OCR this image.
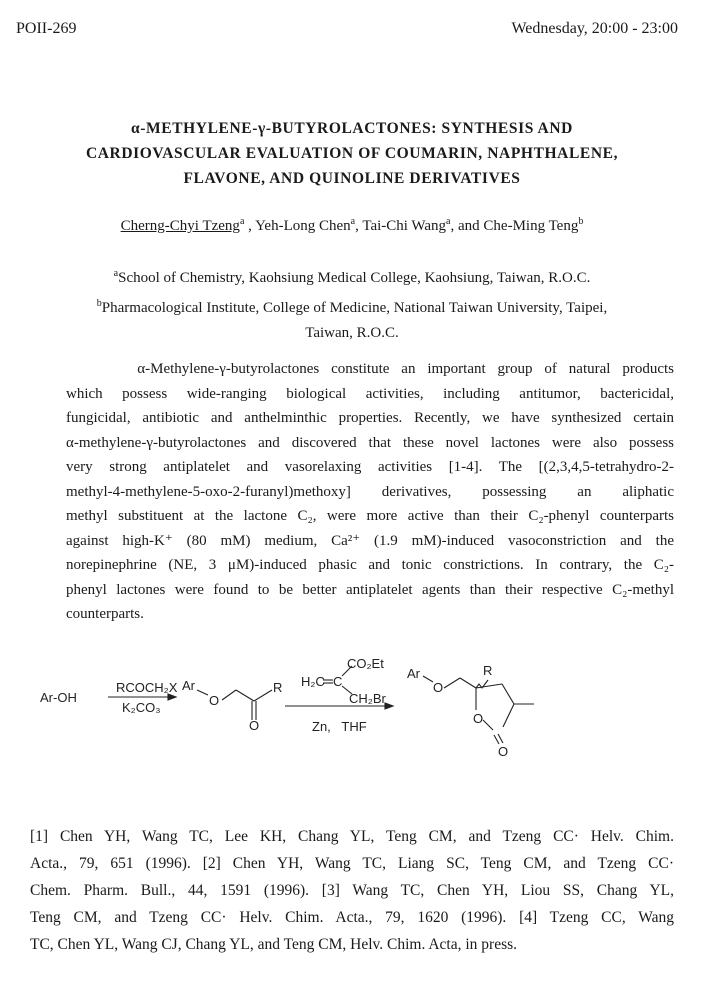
POII-269	Wednesday, 20:00 - 23:00
α-METHYLENE-γ-BUTYROLACTONES: SYNTHESIS AND
CARDIOVASCULAR EVALUATION OF COUMARIN, NAPHTHALENE,
FLAVONE, AND QUINOLINE DERIVATIVES
Cherng-Chyi Tzeng$^a$ , Yeh-Long Chen$^a$, Tai-Chi Wang$^a$, and Che-Ming Teng$^b$
$^a$School of Chemistry, Kaohsiung Medical College, Kaohsiung, Taiwan, R.O.C.
$^b$Pharmacological Institute, College of Medicine, National Taiwan University, Taipei,
Taiwan, R.O.C.
α-Methylene-γ-butyrolactones constitute an important group of natural products
which possess wide-ranging biological activities, including antitumor, bactericidal,
fungicidal, antibiotic and anthelminthic properties. Recently, we have synthesized certain
α-methylene-γ-butyrolactones and discovered that these novel lactones were also possess
very strong antiplatelet and vasorelaxing activities [1-4]. The [(2,3,4,5-tetrahydro-2-
methyl-4-methylene-5-oxo-2-furanyl)methoxy] derivatives, possessing an aliphatic
methyl substituent at the lactone C₂, were more active than their C₂-phenyl counterparts
against high-K⁺ (80 mM) medium, Ca²⁺ (1.9 mM)-induced vasoconstriction and the
norepinephrine (NE, 3 μM)-induced phasic and tonic constrictions. In contrary, the C₂-
phenyl lactones were found to be better antiplatelet agents than their respective C₂-methyl
counterparts.
Ar-OH
RCOCH₂X
K₂CO₃
Ar
O
R
O
CO₂Et
H₂C C
CH₂Br
Zn,   THF
Ar
O
R
O
O
[1] Chen YH, Wang TC, Lee KH, Chang YL, Teng CM, and Tzeng CC· Helv. Chim.
Acta., 79, 651 (1996). [2] Chen YH, Wang TC, Liang SC, Teng CM, and Tzeng CC·
Chem. Pharm. Bull., 44, 1591 (1996). [3] Wang TC, Chen YH, Liou SS, Chang YL,
Teng CM, and Tzeng CC· Helv. Chim. Acta., 79, 1620 (1996). [4] Tzeng CC, Wang
TC, Chen YL, Wang CJ, Chang YL, and Teng CM, Helv. Chim. Acta, in press.
